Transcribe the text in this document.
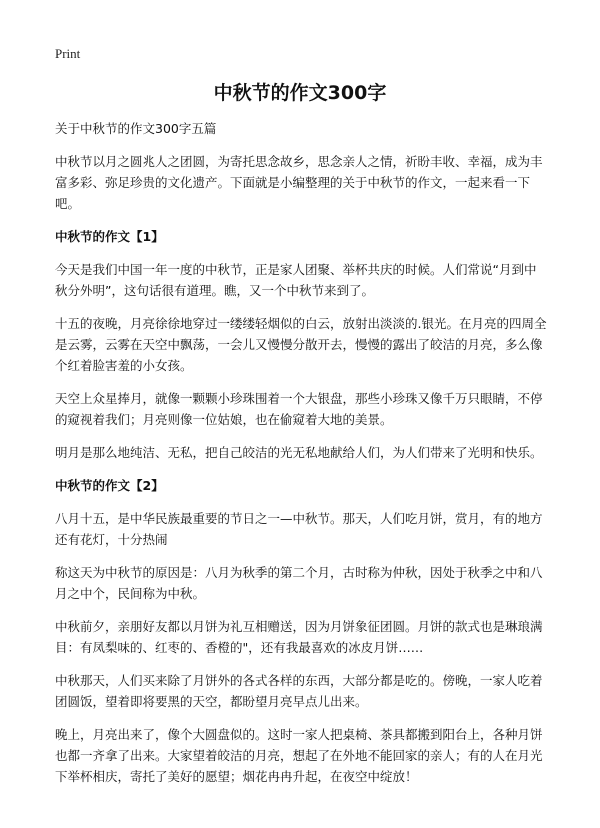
Print
中秋节的作文300字

关于中秋节的作文300字五篇

中秋节以月之圆兆人之团圆，为寄托思念故乡，思念亲人之情，祈盼丰收、幸福，成为丰富多彩、弥足珍贵的文化遗产。下面就是小编整理的关于中秋节的作文，一起来看一下吧。

中秋节的作文【1】

今天是我们中国一年一度的中秋节，正是家人团聚、举杯共庆的时候。人们常说“月到中秋分外明”，这句话很有道理。瞧，又一个中秋节来到了。

十五的夜晚，月亮徐徐地穿过一缕缕轻烟似的白云，放射出淡淡的.银光。在月亮的四周全是云雾，云雾在天空中飘荡，一会儿又慢慢分散开去，慢慢的露出了皎洁的月亮，多么像个红着脸害羞的小女孩。

天空上众星捧月，就像一颗颗小珍珠围着一个大银盘，那些小珍珠又像千万只眼睛，不停的窥视着我们；月亮则像一位姑娘，也在偷窥着大地的美景。

明月是那么地纯洁、无私，把自己皎洁的光无私地献给人们，为人们带来了光明和快乐。

中秋节的作文【2】

八月十五，是中华民族最重要的节日之一—中秋节。那天，人们吃月饼，赏月，有的地方还有花灯，十分热闹

称这天为中秋节的原因是：八月为秋季的第二个月，古时称为仲秋，因处于秋季之中和八月之中个，民间称为中秋。

中秋前夕，亲朋好友都以月饼为礼互相赠送，因为月饼象征团圆。月饼的款式也是琳琅满目：有凤梨味的、红枣的、香橙的"，还有我最喜欢的冰皮月饼……

中秋那天，人们买来除了月饼外的各式各样的东西，大部分都是吃的。傍晚，一家人吃着团圆饭，望着即将要黑的天空，都盼望月亮早点儿出来。

晚上，月亮出来了，像个大圆盘似的。这时一家人把桌椅、茶具都搬到阳台上，各种月饼也都一齐拿了出来。大家望着皎洁的月亮，想起了在外地不能回家的亲人；有的人在月光下举杯相庆，寄托了美好的愿望；烟花冉冉升起，在夜空中绽放！
